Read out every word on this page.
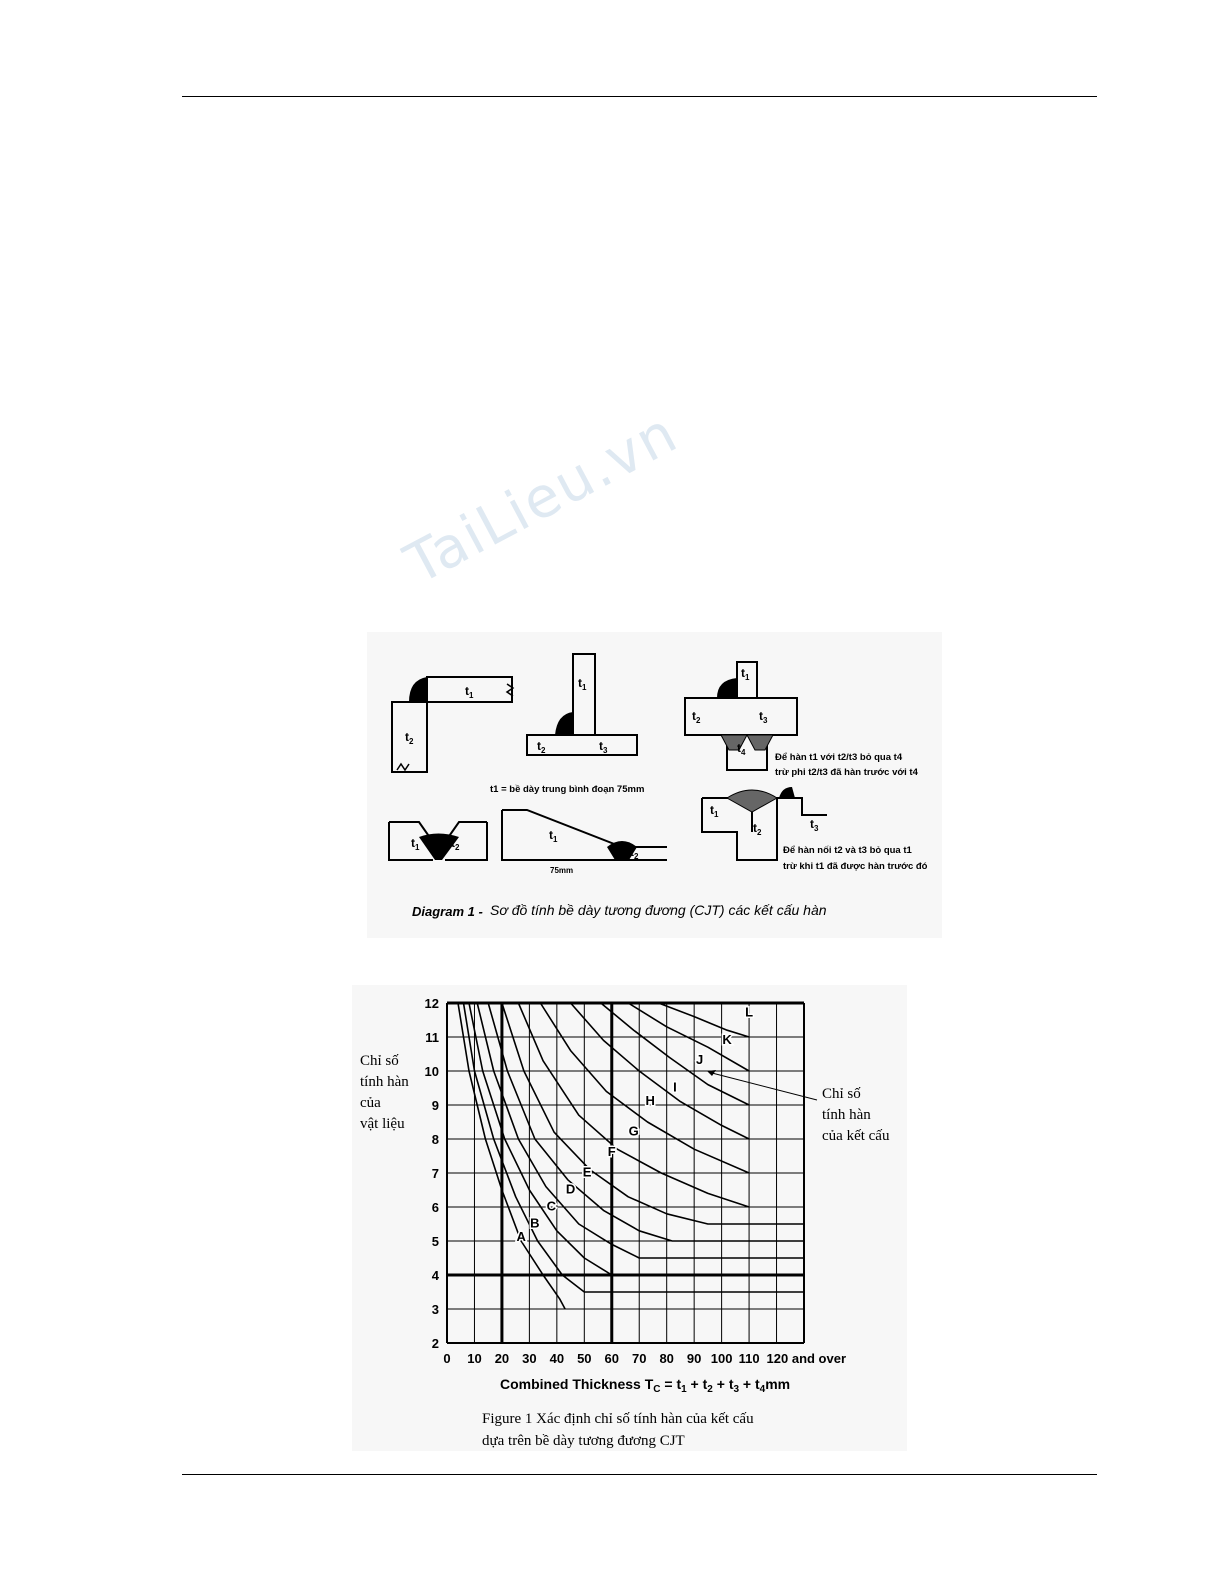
TaiLieu.vn
$t_1$
$t_2$
$t_1$
$t_2$	$t_3$
$t_1$
$t_2$	$t_3$
$t_4$
$t_1$	$t_2$
$t_1$
$t_2$
$t_1$
$t_2$
$t_3$
t1 = bề dày trung bình đoạn 75mm
75mm
Để hàn t1 với t2/t3 bỏ qua t4
trừ phi t2/t3 đã hàn trước với t4
Để hàn nối t2 và t3 bỏ qua t1
trừ khi t1 đã được hàn trước đó
Diagram 1 - Sơ đồ tính bề dày tương đương (CJT) các kết cấu hàn
2
3
4
5
6
7
8
9
10
11
12
0 10 20 30 40 50 60 70 80 90 100 110 120 and over
A
B
C
D
E
F
G
H
I
J
K
L
Combined Thickness $T_C = t_1 + t_2 + t_3 + t_4mm$
Chỉ số
tính hàn
của
vật liệu
Chỉ số
tính hàn
của kết cấu
Figure 1 Xác định chỉ số tính hàn của kết cấu
dựa trên bề dày tương đương CJT
